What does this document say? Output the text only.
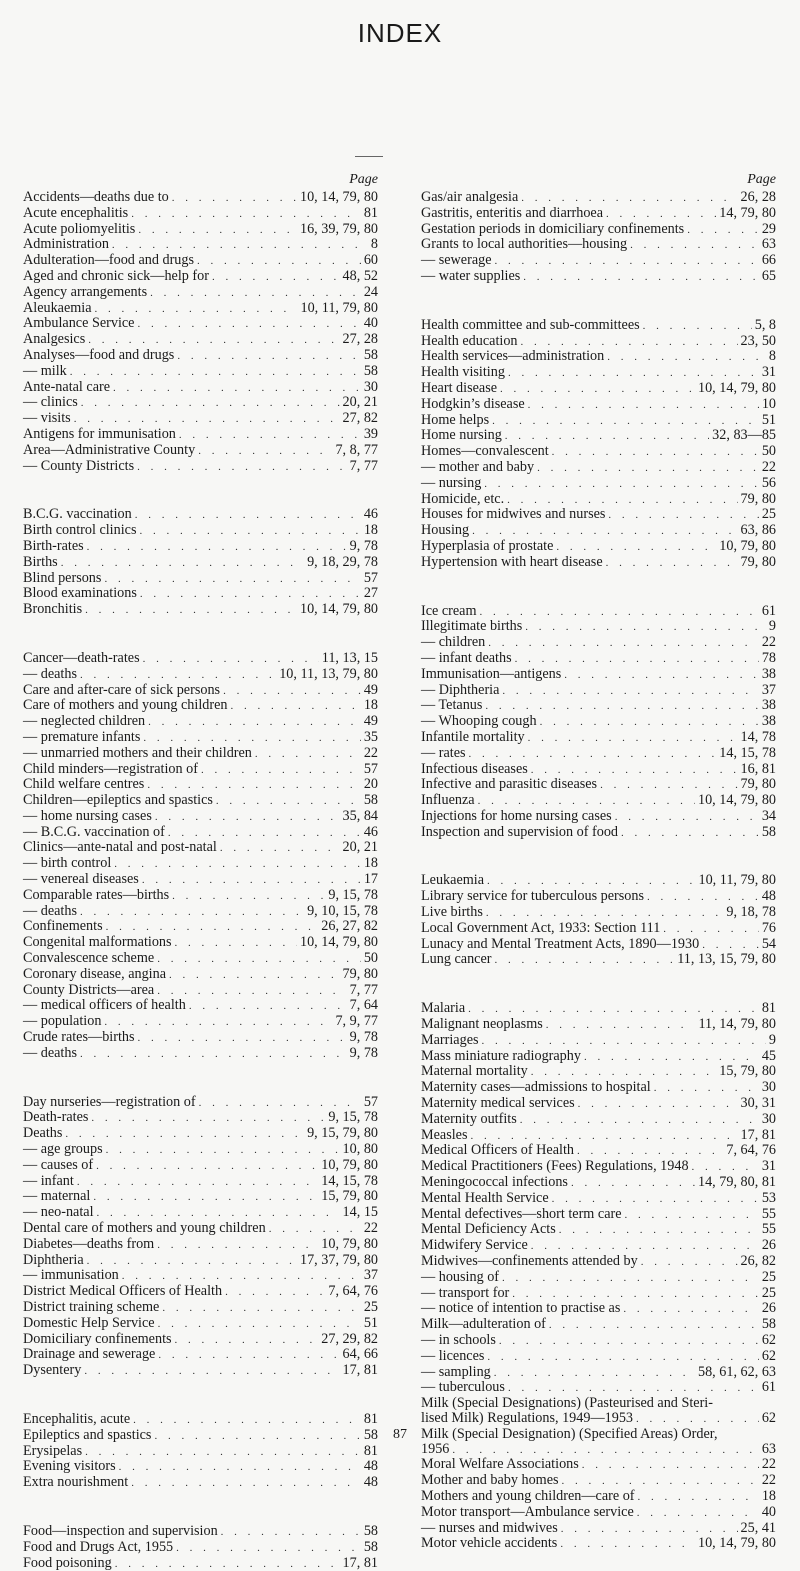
INDEX
Page
Accidents—deaths due to . . .	10, 14, 79, 80
Acute encephalitis . . .	81
Acute poliomyelitis . . .	16, 39, 79, 80
Administration . . .	8
Adulteration—food and drugs . . .	60
Aged and chronic sick—help for . . .	48, 52
Agency arrangements . . .	24
Aleukaemia . . .	10, 11, 79, 80
Ambulance Service . . .	40
Analgesics . . .	27, 28
Analyses—food and drugs . . .	58
— milk . . .	58
Ante-natal care . . .	30
— clinics . . .	20, 21
— visits . . .	27, 82
Antigens for immunisation . . .	39
Area—Administrative County . . .	7, 8, 77
— County Districts . . .	7, 77
B.C.G. vaccination . . .	46
Birth control clinics . . .	18
Birth-rates . . .	9, 78
Births . . .	9, 18, 29, 78
Blind persons . . .	57
Blood examinations . . .	27
Bronchitis . . .	10, 14, 79, 80
Cancer—death-rates . . .	11, 13, 15
— deaths . . .	10, 11, 13, 79, 80
Care and after-care of sick persons . . .	49
Care of mothers and young children . . .	18
— neglected children . . .	49
— premature infants . . .	35
— unmarried mothers and their children . . .	22
Child minders—registration of . . .	57
Child welfare centres . . .	20
Children—epileptics and spastics . . .	58
— home nursing cases . . .	35, 84
— B.C.G. vaccination of . . .	46
Clinics—ante-natal and post-natal . . .	20, 21
— birth control . . .	18
— venereal diseases . . .	17
Comparable rates—births . . .	9, 15, 78
— deaths . . .	9, 10, 15, 78
Confinements . . .	26, 27, 82
Congenital malformations . . .	10, 14, 79, 80
Convalescence scheme . . .	50
Coronary disease, angina . . .	79, 80
County Districts—area . . .	7, 77
— medical officers of health . . .	7, 64
— population . . .	7, 9, 77
Crude rates—births . . .	9, 78
— deaths . . .	9, 78
Day nurseries—registration of . . .	57
Death-rates . . .	9, 15, 78
Deaths . . .	9, 15, 79, 80
— age groups . . .	10, 80
— causes of . . .	10, 79, 80
— infant . . .	14, 15, 78
— maternal . . .	15, 79, 80
— neo-natal . . .	14, 15
Dental care of mothers and young children . . .	22
Diabetes—deaths from . . .	10, 79, 80
Diphtheria . . .	17, 37, 79, 80
— immunisation . . .	37
District Medical Officers of Health . . .	7, 64, 76
District training scheme . . .	25
Domestic Help Service . . .	51
Domiciliary confinements . . .	27, 29, 82
Drainage and sewerage . . .	64, 66
Dysentery . . .	17, 81
Encephalitis, acute . . .	81
Epileptics and spastics . . .	58
Erysipelas . . .	81
Evening visitors . . .	48
Extra nourishment . . .	48
Food—inspection and supervision . . .	58
Food and Drugs Act, 1955 . . .	58
Food poisoning . . .	17, 81
Page
Gas/air analgesia . . .	26, 28
Gastritis, enteritis and diarrhoea . . .	14, 79, 80
Gestation periods in domiciliary confinements . . .	29
Grants to local authorities—housing . . .	63
— sewerage . . .	66
— water supplies . . .	65
Health committee and sub-committees . . .	5, 8
Health education . . .	23, 50
Health services—administration . . .	8
Health visiting . . .	31
Heart disease . . .	10, 14, 79, 80
Hodgkin’s disease . . .	10
Home helps . . .	51
Home nursing . . .	32, 83—85
Homes—convalescent . . .	50
— mother and baby . . .	22
— nursing . . .	56
Homicide, etc. . . .	79, 80
Houses for midwives and nurses . . .	25
Housing . . .	63, 86
Hyperplasia of prostate . . .	10, 79, 80
Hypertension with heart disease . . .	79, 80
Ice cream . . .	61
Illegitimate births . . .	9
— children . . .	22
— infant deaths . . .	78
Immunisation—antigens . . .	38
— Diphtheria . . .	37
— Tetanus . . .	38
— Whooping cough . . .	38
Infantile mortality . . .	14, 78
— rates . . .	14, 15, 78
Infectious diseases . . .	16, 81
Infective and parasitic diseases . . .	79, 80
Influenza . . .	10, 14, 79, 80
Injections for home nursing cases . . .	34
Inspection and supervision of food . . .	58
Leukaemia . . .	10, 11, 79, 80
Library service for tuberculous persons . . .	48
Live births . . .	9, 18, 78
Local Government Act, 1933: Section 111 . . .	76
Lunacy and Mental Treatment Acts, 1890—1930 . . .	54
Lung cancer . . .	11, 13, 15, 79, 80
Malaria . . .	81
Malignant neoplasms . . .	11, 14, 79, 80
Marriages . . .	9
Mass miniature radiography . . .	45
Maternal mortality . . .	15, 79, 80
Maternity cases—admissions to hospital . . .	30
Maternity medical services . . .	30, 31
Maternity outfits . . .	30
Measles . . .	17, 81
Medical Officers of Health . . .	7, 64, 76
Medical Practitioners (Fees) Regulations, 1948 . . .	31
Meningococcal infections . . .	14, 79, 80, 81
Mental Health Service . . .	53
Mental defectives—short term care . . .	55
Mental Deficiency Acts . . .	55
Midwifery Service . . .	26
Midwives—confinements attended by . . .	26, 82
— housing of . . .	25
— transport for . . .	25
— notice of intention to practise as . . .	26
Milk—adulteration of . . .	58
— in schools . . .	62
— licences . . .	62
— sampling . . .	58, 61, 62, 63
— tuberculous . . .	61
Milk (Special Designations) (Pasteurised and Steri-
lised Milk) Regulations, 1949—1953 . . .	62
Milk (Special Designation) (Specified Areas) Order,
1956 . . .	63
Moral Welfare Associations . . .	22
Mother and baby homes . . .	22
Mothers and young children—care of . . .	18
Motor transport—Ambulance service . . .	40
— nurses and midwives . . .	25, 41
Motor vehicle accidents . . .	10, 14, 79, 80
87
